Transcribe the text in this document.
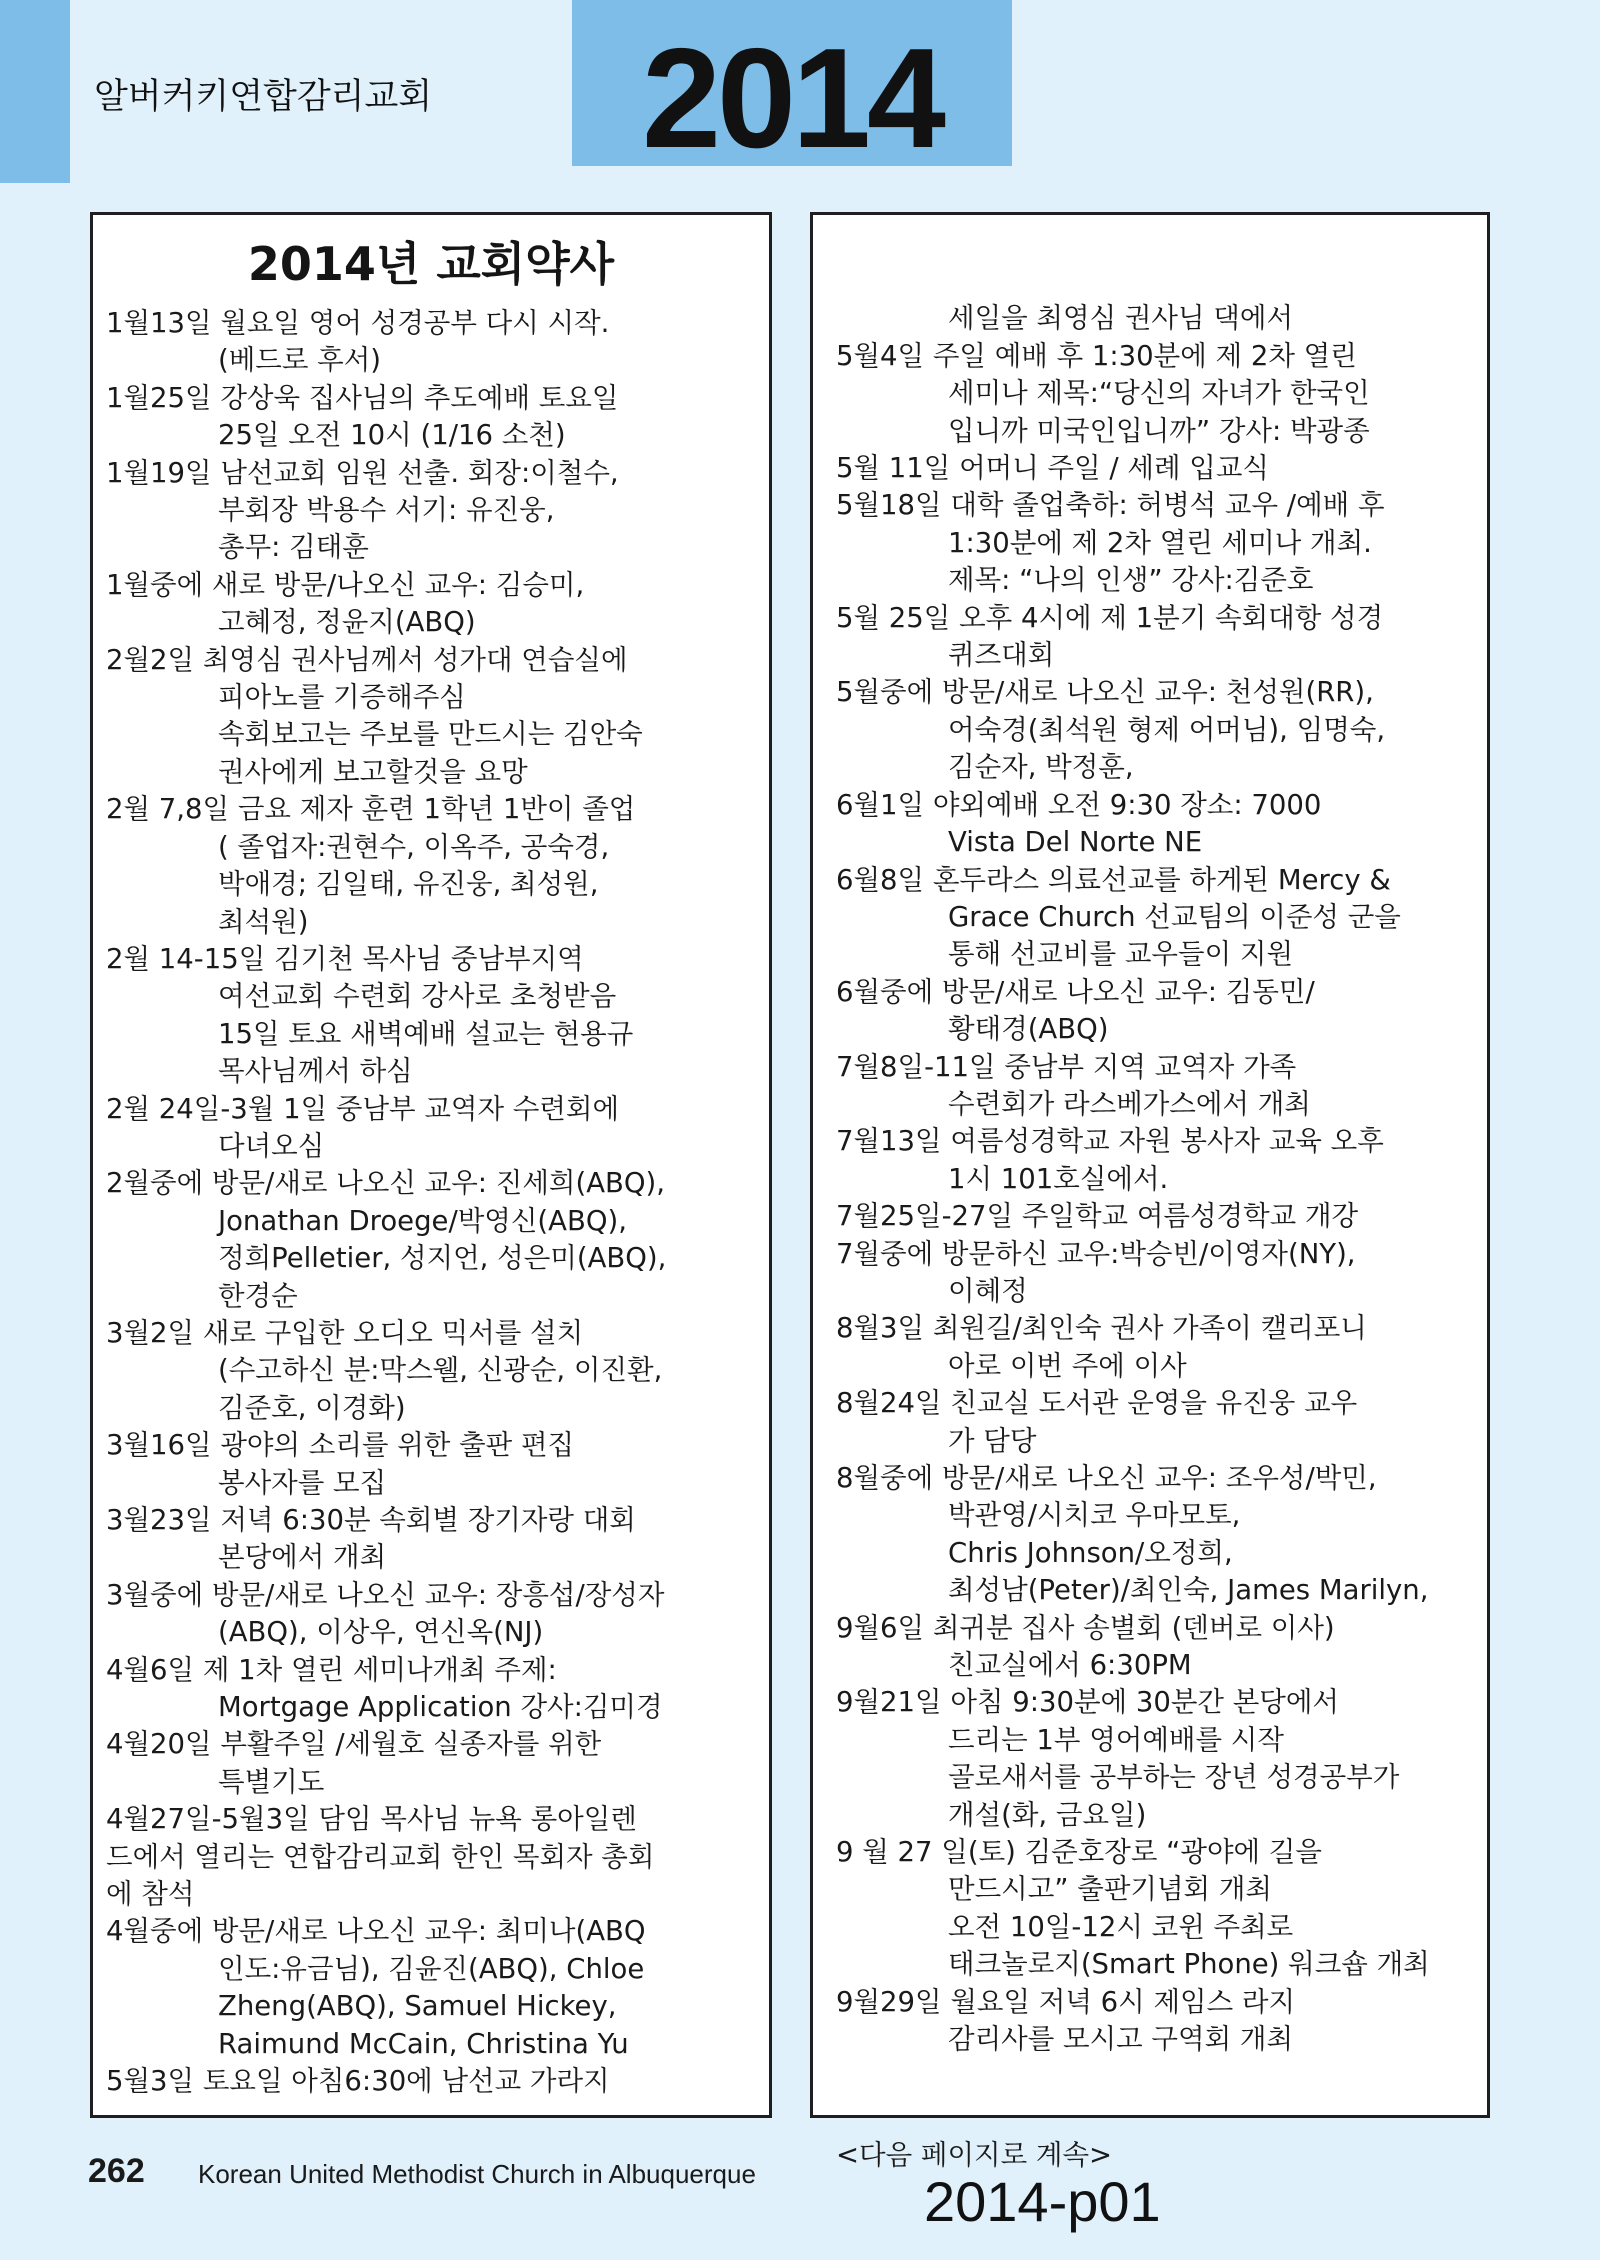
2014
알버커키연합감리교회
2014년 교회약사
1월13일 월요일 영어 성경공부 다시 시작.
(베드로 후서)
1월25일 강상욱 집사님의 추도예배 토요일
25일 오전 10시 (1/16 소천)
1월19일 남선교회 임원 선출. 회장:이철수,
부회장 박용수 서기: 유진웅,
총무: 김태훈
1월중에 새로 방문/나오신 교우: 김승미,
고혜정, 정윤지(ABQ)
2월2일 최영심 권사님께서 성가대 연습실에
피아노를 기증해주심
속회보고는 주보를 만드시는 김안숙
권사에게 보고할것을 요망
2월 7,8일 금요 제자 훈련 1학년 1반이 졸업
( 졸업자:권현수, 이옥주, 공숙경,
박애경; 김일태, 유진웅, 최성원,
최석원)
2월 14-15일 김기천 목사님 중남부지역
여선교회 수련회 강사로 초청받음
15일 토요 새벽예배 설교는 현용규
목사님께서 하심
2월 24일-3월 1일 중남부 교역자 수련회에
다녀오심
2월중에 방문/새로 나오신 교우: 진세희(ABQ),
Jonathan Droege/박영신(ABQ),
정희Pelletier, 성지언, 성은미(ABQ),
한경순
3월2일 새로 구입한 오디오 믹서를 설치
(수고하신 분:막스웰, 신광순, 이진환,
김준호, 이경화)
3월16일 광야의 소리를 위한 출판 편집
봉사자를 모집
3월23일 저녁 6:30분 속회별 장기자랑 대회
본당에서 개최
3월중에 방문/새로 나오신 교우: 장흥섭/장성자
(ABQ), 이상우, 연신옥(NJ)
4월6일 제 1차 열린 세미나개최 주제:
Mortgage Application 강사:김미경
4월20일 부활주일 /세월호 실종자를 위한
특별기도
4월27일-5월3일 담임 목사님 뉴욕 롱아일렌
드에서 열리는 연합감리교회 한인 목회자 총회
에 참석
4월중에 방문/새로 나오신 교우: 최미나(ABQ
인도:유금님), 김윤진(ABQ), Chloe
Zheng(ABQ), Samuel Hickey,
Raimund McCain, Christina Yu
5월3일 토요일 아침6:30에 남선교 가라지

세일을 최영심 권사님 댁에서
5월4일 주일 예배 후 1:30분에 제 2차 열린
세미나 제목:“당신의 자녀가 한국인
입니까 미국인입니까” 강사: 박광종
5월 11일 어머니 주일 / 세례 입교식
5월18일 대학 졸업축하: 허병석 교우 /예배 후
1:30분에 제 2차 열린 세미나 개최.
제목: “나의 인생” 강사:김준호
5월 25일 오후 4시에 제 1분기 속회대항 성경
퀴즈대회
5월중에 방문/새로 나오신 교우: 천성원(RR),
어숙경(최석원 형제 어머님), 임명숙,
김순자, 박정훈,
6월1일 야외예배 오전 9:30 장소: 7000
Vista Del Norte NE
6월8일 혼두라스 의료선교를 하게된 Mercy &
Grace Church 선교팀의 이준성 군을
통해 선교비를 교우들이 지원
6월중에 방문/새로 나오신 교우: 김동민/
황태경(ABQ)
7월8일-11일 중남부 지역 교역자 가족
수련회가 라스베가스에서 개최
7월13일 여름성경학교 자원 봉사자 교육 오후
1시 101호실에서.
7월25일-27일 주일학교 여름성경학교 개강
7월중에 방문하신 교우:박승빈/이영자(NY),
이혜정
8월3일 최원길/최인숙 권사 가족이 캘리포니
아로 이번 주에 이사
8월24일 친교실 도서관 운영을 유진웅 교우
가 담당
8월중에 방문/새로 나오신 교우: 조우성/박민,
박관영/시치코 우마모토,
Chris Johnson/오정희,
최성남(Peter)/최인숙, James Marilyn,
9월6일 최귀분 집사 송별회 (덴버로 이사)
친교실에서 6:30PM
9월21일 아침 9:30분에 30분간 본당에서
드리는 1부 영어예배를 시작
골로새서를 공부하는 장년 성경공부가
개설(화, 금요일)
9 월 27 일(토) 김준호장로 “광야에 길을
만드시고” 출판기념회 개최
오전 10일-12시 코윈 주최로
태크놀로지(Smart Phone) 워크숍 개최
9월29일 월요일 저녁 6시 제임스 라지
감리사를 모시고 구역회 개최
<다음 페이지로 계속>
262 Korean United Methodist Church in Albuquerque	2014-p01
